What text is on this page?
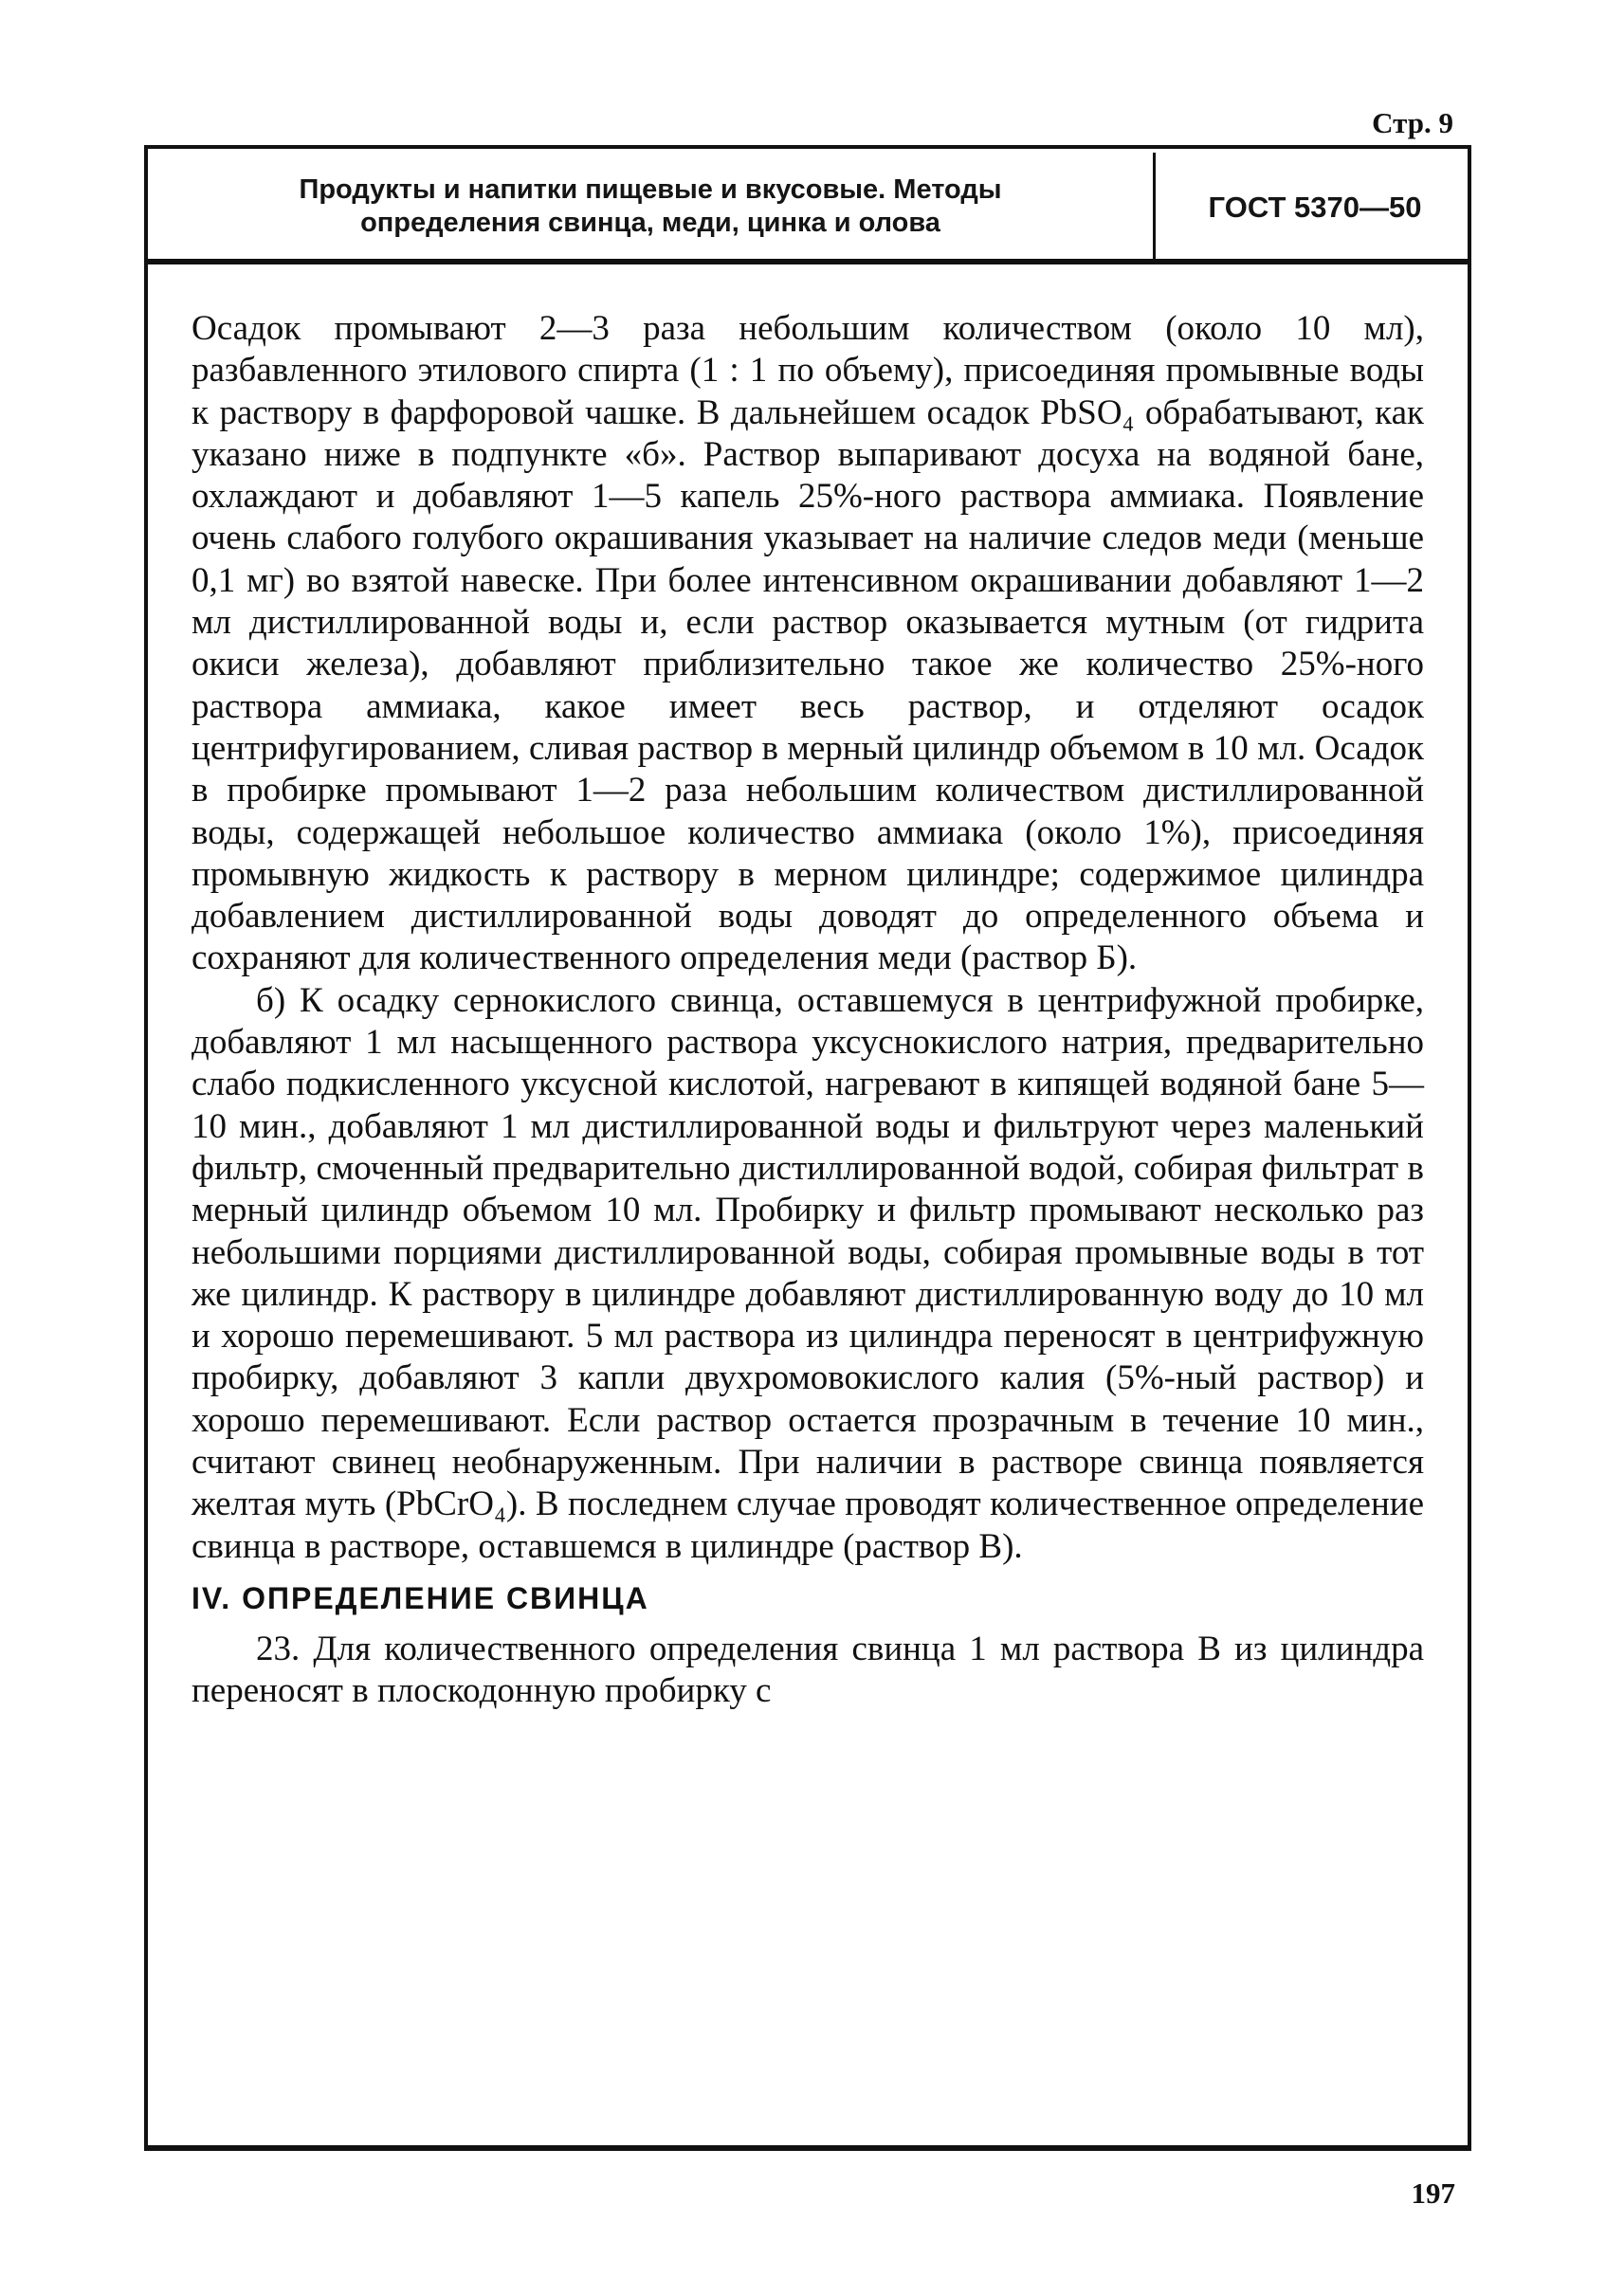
Стр. 9
Продукты и напитки пищевые и вкусовые. Методы
определения свинца, меди, цинка и олова	ГОСТ 5370—50

Осадок промывают 2—3 раза небольшим количеством (около 10 мл), разбавленного этилового спирта (1 : 1 по объему), присоединяя промывные воды к раствору в фарфоровой чашке. В дальнейшем осадок PbSO₄ обрабатывают, как указано ниже в подпункте «б». Раствор выпаривают досуха на водяной бане, охлаждают и добавляют 1—5 капель 25%-ного раствора аммиака. Появление очень слабого голубого окрашивания указывает на наличие следов меди (меньше 0,1 мг) во взятой навеске. При более интенсивном окрашивании добавляют 1—2 мл дистиллированной воды и, если раствор оказывается мутным (от гидрита окиси железа), добавляют приблизительно такое же количество 25%-ного раствора аммиака, какое имеет весь раствор, и отделяют осадок центрифугированием, сливая раствор в мерный цилиндр объемом в 10 мл. Осадок в пробирке промывают 1—2 раза небольшим количеством дистиллированной воды, содержащей небольшое количество аммиака (около 1%), присоединяя промывную жидкость к раствору в мерном цилиндре; содержимое цилиндра добавлением дистиллированной воды доводят до определенного объема и сохраняют для количественного определения меди (раствор Б).

б) К осадку сернокислого свинца, оставшемуся в центрифужной пробирке, добавляют 1 мл насыщенного раствора уксуснокислого натрия, предварительно слабо подкисленного уксусной кислотой, нагревают в кипящей водяной бане 5—10 мин., добавляют 1 мл дистиллированной воды и фильтруют через маленький фильтр, смоченный предварительно дистиллированной водой, собирая фильтрат в мерный цилиндр объемом 10 мл. Пробирку и фильтр промывают несколько раз небольшими порциями дистиллированной воды, собирая промывные воды в тот же цилиндр. К раствору в цилиндре добавляют дистиллированную воду до 10 мл и хорошо перемешивают. 5 мл раствора из цилиндра переносят в центрифужную пробирку, добавляют 3 капли двухромовокислого калия (5%-ный раствор) и хорошо перемешивают. Если раствор остается прозрачным в течение 10 мин., считают свинец необнаруженным. При наличии в растворе свинца появляется желтая муть (PbCrO₄). В последнем случае проводят количественное определение свинца в растворе, оставшемся в цилиндре (раствор В).

IV. ОПРЕДЕЛЕНИЕ СВИНЦА

23. Для количественного определения свинца 1 мл раствора В из цилиндра переносят в плоскодонную пробирку с

197
